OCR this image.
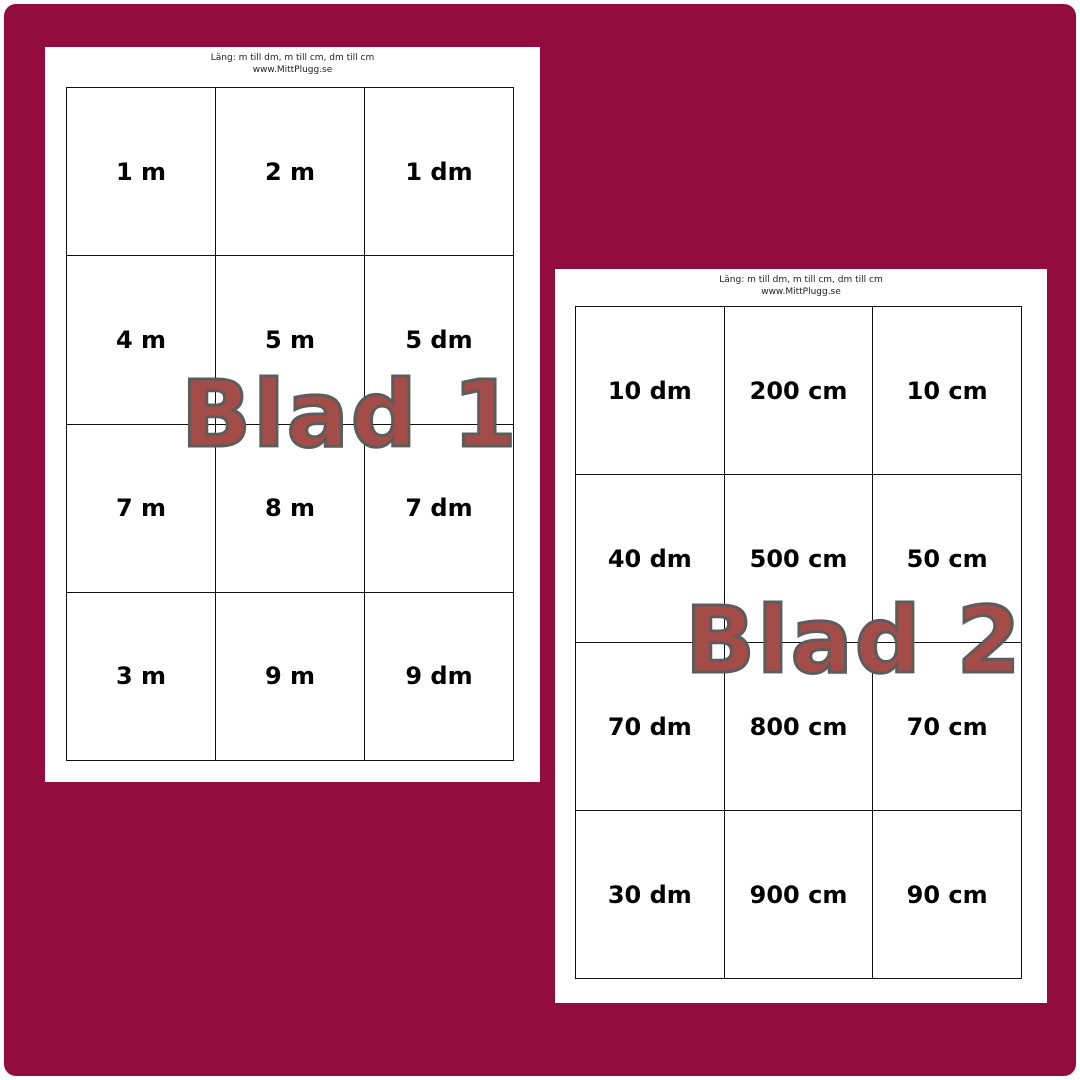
Läng: m till dm, m till cm, dm till cm
www.MittPlugg.se
1 m	2 m	1 dm
4 m	5 m	5 dm
7 m	8 m	7 dm
3 m	9 m	9 dm
Blad 1
Läng: m till dm, m till cm, dm till cm
www.MittPlugg.se
10 dm	200 cm	10 cm
40 dm	500 cm	50 cm
70 dm	800 cm	70 cm
30 dm	900 cm	90 cm
Blad 2
